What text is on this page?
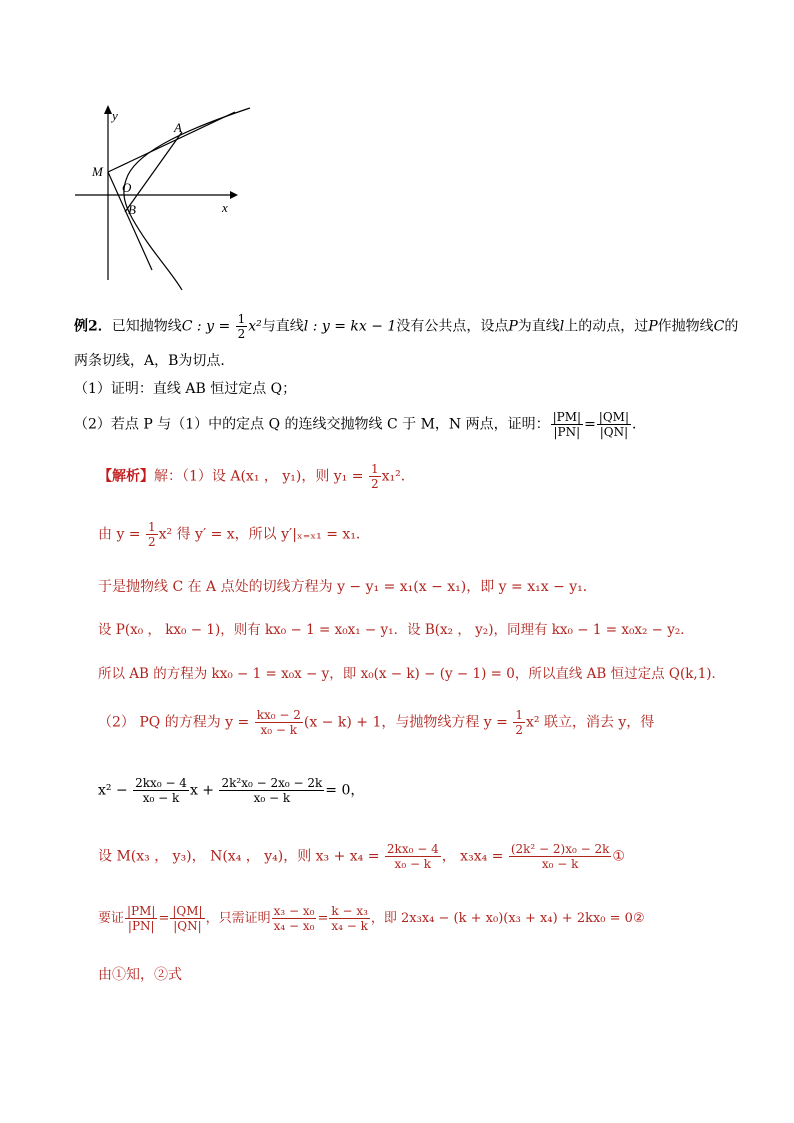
y
A
M
O
B	x
例2．已知抛物线C : $y = \frac{1}{2} x^2$与直线l : y = kx − 1没有公共点，设点P为直线l上的动点，过P作抛物线C的
两条切线，A，B为切点．
（1）证明：直线 AB 恒过定点 Q；
（2）若点 P 与（1）中的定点 Q 的连线交抛物线 C 于 M，N 两点，证明： $\frac{|PM|}{|PN|} = \frac{|QM|}{|QN|}$ ．
【解析】解：（1）设 A(x₁ ， y₁)，则 $y_1 = \frac{1}{2} x_1^2$．
由 $y = \frac{1}{2} x^2$ 得 y′ = x，所以 y′|ₓ₌ₓ₁ = x₁．
于是抛物线 C 在 A 点处的切线方程为 y − y₁ = x₁(x − x₁)，即 y = x₁x − y₁．
设 P(x₀ ， kx₀ − 1)，则有 kx₀ − 1 = x₀x₁ − y₁．设 B(x₂ ， y₂)，同理有 kx₀ − 1 = x₀x₂ − y₂．
所以 AB 的方程为 kx₀ − 1 = x₀x − y，即 x₀(x − k) − (y − 1) = 0，所以直线 AB 恒过定点 Q(k,1)．
（2） PQ 的方程为 $y = \frac{\text{kx₀ − 2}}{\text{x₀ − k}} (x - k) + 1$，与抛物线方程 $y = \frac{1}{2} x^2$ 联立，消去 y，得
$x^2 - \frac{\text{2kx₀ − 4}}{\text{x₀ − k}}$ $x + \frac{\text{2k²x₀ − 2x₀ − 2k}}{\text{x₀ − k}} = 0$，
设 M(x₃ ， y₃)， N(x₄ ， y₄)，则 $x_3 + x_4 = \frac{\text{2kx₀ − 4}}{\text{x₀ − k}}$ ， $x_3x_4 = \frac{\text{(2k² − 2)x₀ − 2k}}{\text{x₀ − k}}$ ①
要证 $\frac{|PM|}{|PN|} = \frac{|QM|}{|QN|}$ ，只需证明 $\frac{\text{x₃ − x₀}}{\text{x₄ − x₀}} = \frac{\text{k − x₃}}{\text{x₄ − k}}$ ，即 2x₃x₄ − (k + x₀)(x₃ + x₄) + 2kx₀ = 0②
由①知，②式
